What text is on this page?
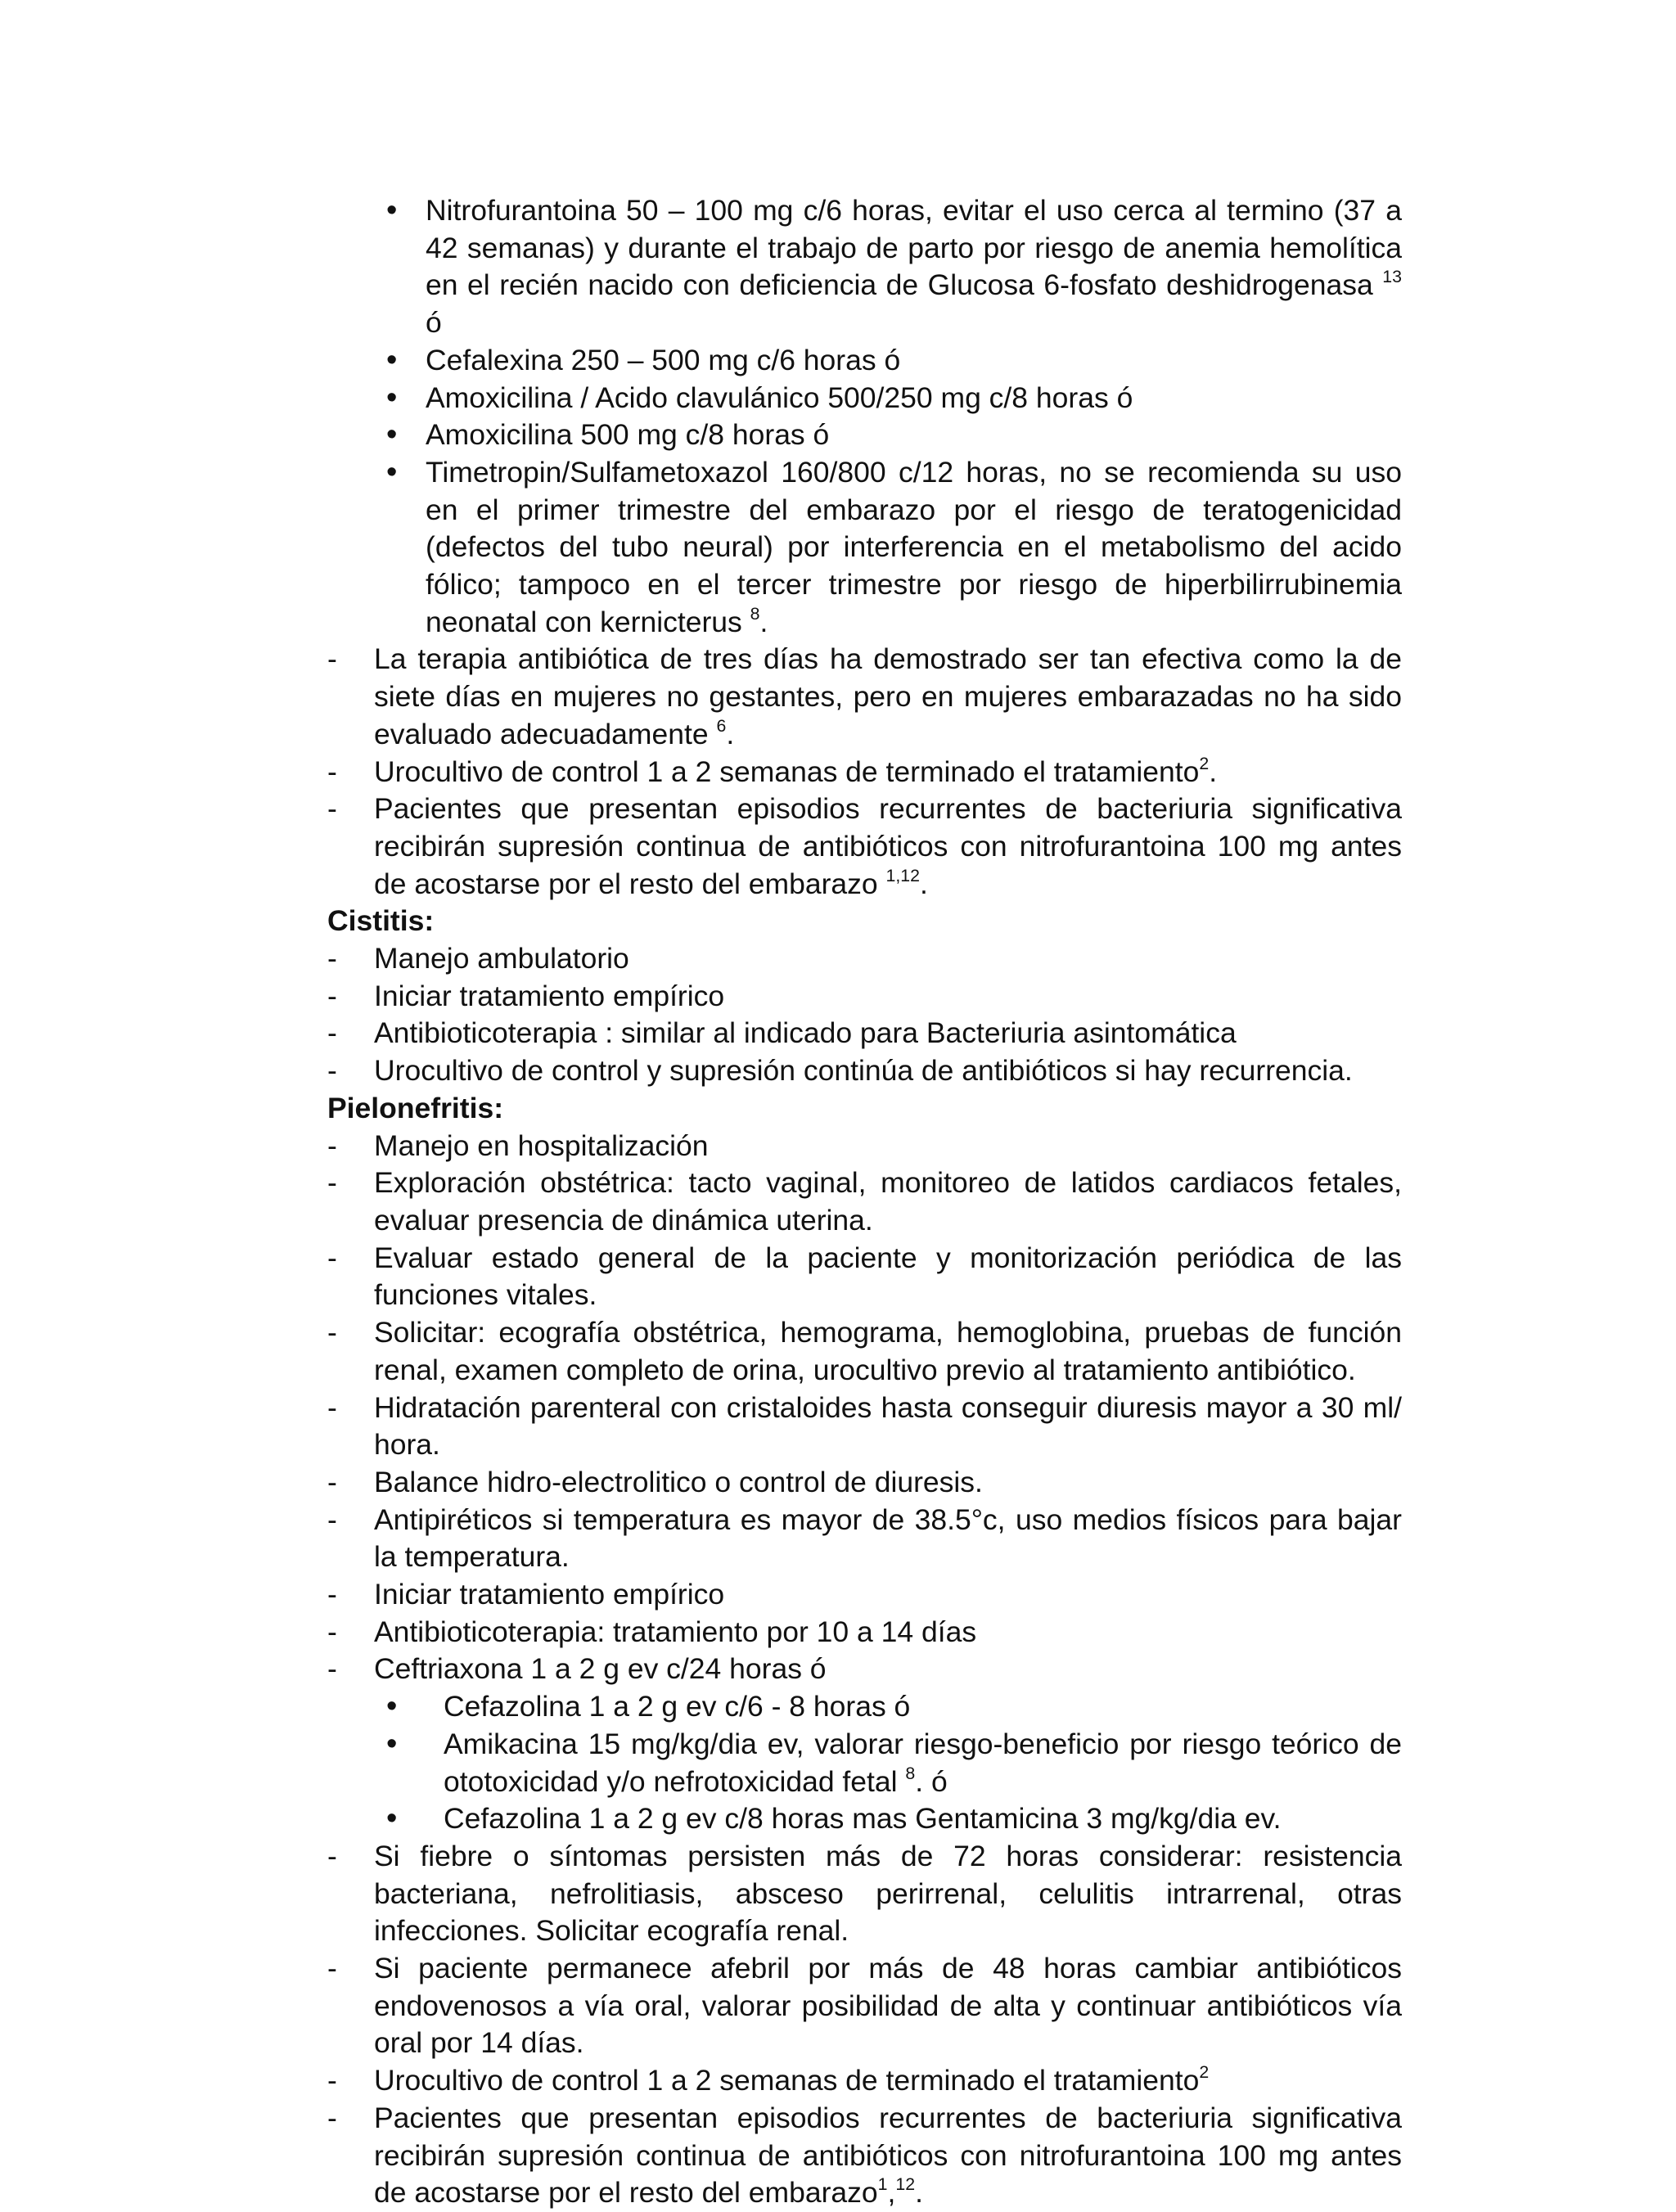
• Nitrofurantoina 50 – 100 mg c/6 horas, evitar el uso cerca al termino (37 a 42 semanas) y durante el trabajo de parto por riesgo de anemia hemolítica en el recién nacido con deficiencia de Glucosa 6-fosfato deshidrogenasa $^{13}$ ó
• Cefalexina 250 – 500 mg c/6 horas ó
• Amoxicilina / Acido clavulánico 500/250 mg c/8 horas ó
• Amoxicilina 500 mg c/8 horas ó
• Timetropin/Sulfametoxazol 160/800 c/12 horas, no se recomienda su uso en el primer trimestre del embarazo por el riesgo de teratogenicidad (defectos del tubo neural) por interferencia en el metabolismo del acido fólico; tampoco en el tercer trimestre por riesgo de hiperbilirrubinemia neonatal con kernicterus $^8$.
- La terapia antibiótica de tres días ha demostrado ser tan efectiva como la de siete días en mujeres no gestantes, pero en mujeres embarazadas no ha sido evaluado adecuadamente $^6$.
- Urocultivo de control 1 a 2 semanas de terminado el tratamiento$^2$.
- Pacientes que presentan episodios recurrentes de bacteriuria significativa recibirán supresión continua de antibióticos con nitrofurantoina 100 mg antes de acostarse por el resto del embarazo $^{1,12}$.
Cistitis:
- Manejo ambulatorio
- Iniciar tratamiento empírico
- Antibioticoterapia : similar al indicado para Bacteriuria asintomática
- Urocultivo de control y supresión continúa de antibióticos si hay recurrencia.
Pielonefritis:
- Manejo en hospitalización
- Exploración obstétrica: tacto vaginal, monitoreo de latidos cardiacos fetales, evaluar presencia de dinámica uterina.
- Evaluar estado general de la paciente y monitorización periódica de las funciones vitales.
- Solicitar: ecografía obstétrica, hemograma, hemoglobina, pruebas de función renal, examen completo de orina, urocultivo previo al tratamiento antibiótico.
- Hidratación parenteral con cristaloides hasta conseguir diuresis mayor a 30 ml/ hora.
- Balance hidro-electrolitico o control de diuresis.
- Antipiréticos si temperatura es mayor de 38.5°c, uso medios físicos para bajar la temperatura.
- Iniciar tratamiento empírico
- Antibioticoterapia: tratamiento por 10 a 14 días
- Ceftriaxona 1 a 2 g ev c/24 horas ó
• Cefazolina 1 a 2 g ev c/6 - 8 horas ó
• Amikacina 15 mg/kg/dia ev, valorar riesgo-beneficio por riesgo teórico de ototoxicidad y/o nefrotoxicidad fetal $^8$. ó
• Cefazolina 1 a 2 g ev c/8 horas mas Gentamicina 3 mg/kg/dia ev.
- Si fiebre o síntomas persisten más de 72 horas considerar: resistencia bacteriana, nefrolitiasis, absceso perirrenal, celulitis intrarrenal, otras infecciones. Solicitar ecografía renal.
- Si paciente permanece afebril por más de 48 horas cambiar antibióticos endovenosos a vía oral, valorar posibilidad de alta y continuar antibióticos vía oral por 14 días.
- Urocultivo de control 1 a 2 semanas de terminado el tratamiento$^2$
- Pacientes que presentan episodios recurrentes de bacteriuria significativa recibirán supresión continua de antibióticos con nitrofurantoina 100 mg antes de acostarse por el resto del embarazo$^1$,$^{12}$.
